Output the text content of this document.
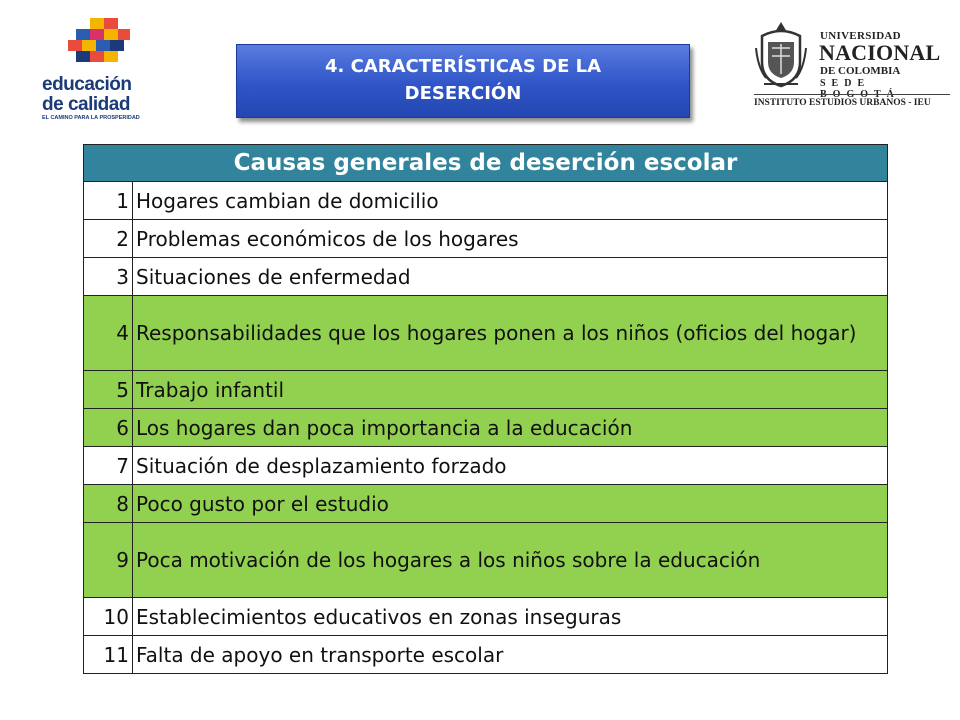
educación
de calidad
EL CAMINO PARA LA PROSPERIDAD
4. CARACTERÍSTICAS DE LA
DESERCIÓN
UNIVERSIDAD
NACIONAL
DE COLOMBIA
SEDE
INSTITUTO ESTUDIOS URBANOS - IEU
Causas generales de deserción escolar	
1	Hogares cambian de domicilio
2	Problemas económicos de los hogares
3	Situaciones de enfermedad
4	Responsabilidades que los hogares ponen a los niños (oficios del hogar)
5	Trabajo infantil
6	Los hogares dan poca importancia a la educación
7	Situación de desplazamiento forzado
8	Poco gusto por el estudio
9	Poca motivación de los hogares a los niños sobre la educación
10	Establecimientos educativos en zonas inseguras
11	Falta de apoyo en transporte escolar
